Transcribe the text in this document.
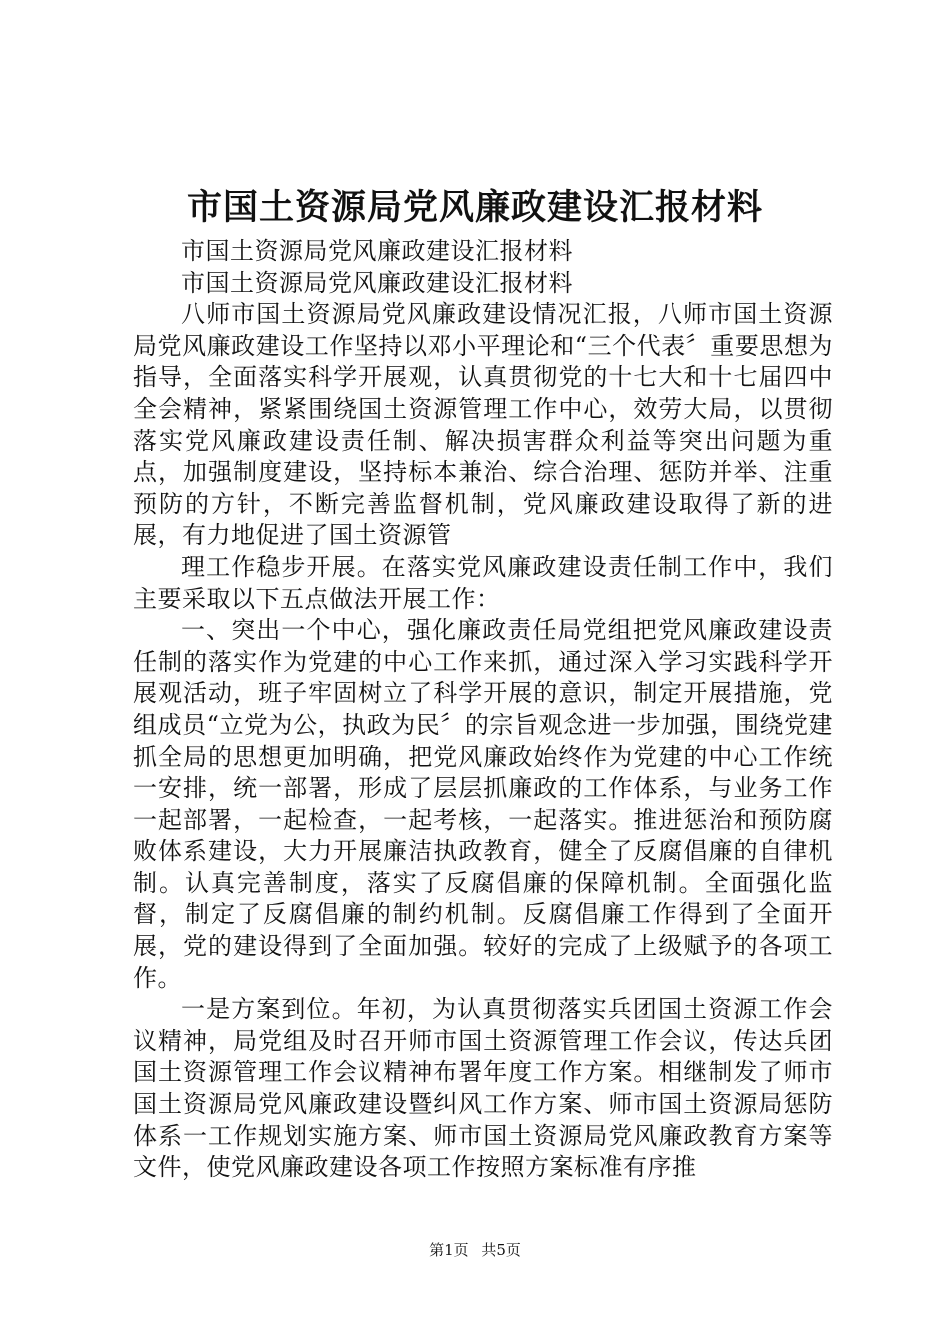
市国土资源局党风廉政建设汇报材料

市国土资源局党风廉政建设汇报材料

市国土资源局党风廉政建设汇报材料

八师市国土资源局党风廉政建设情况汇报，八师市国土资源局党风廉政建设工作坚持以邓小平理论和“三个代表〞重要思想为指导，全面落实科学开展观，认真贯彻党的十七大和十七届四中全会精神，紧紧围绕国土资源管理工作中心，效劳大局，以贯彻落实党风廉政建设责任制、解决损害群众利益等突出问题为重点，加强制度建设，坚持标本兼治、综合治理、惩防并举、注重预防的方针，不断完善监督机制，党风廉政建设取得了新的进展，有力地促进了国土资源管

理工作稳步开展。在落实党风廉政建设责任制工作中，我们主要采取以下五点做法开展工作：

一、突出一个中心，强化廉政责任局党组把党风廉政建设责任制的落实作为党建的中心工作来抓，通过深入学习实践科学开展观活动，班子牢固树立了科学开展的意识，制定开展措施，党组成员“立党为公，执政为民〞的宗旨观念进一步加强，围绕党建抓全局的思想更加明确，把党风廉政始终作为党建的中心工作统一安排，统一部署，形成了层层抓廉政的工作体系，与业务工作一起部署，一起检查，一起考核，一起落实。推进惩治和预防腐败体系建设，大力开展廉洁执政教育，健全了反腐倡廉的自律机制。认真完善制度，落实了反腐倡廉的保障机制。全面强化监督，制定了反腐倡廉的制约机制。反腐倡廉工作得到了全面开展，党的建设得到了全面加强。较好的完成了上级赋予的各项工作。

一是方案到位。年初，为认真贯彻落实兵团国土资源工作会议精神，局党组及时召开师市国土资源管理工作会议，传达兵团国土资源管理工作会议精神布署年度工作方案。相继制发了师市国土资源局党风廉政建设暨纠风工作方案、师市国土资源局惩防体系一工作规划实施方案、师市国土资源局党风廉政教育方案等文件，使党风廉政建设各项工作按照方案标准有序推

第1页 共5页
